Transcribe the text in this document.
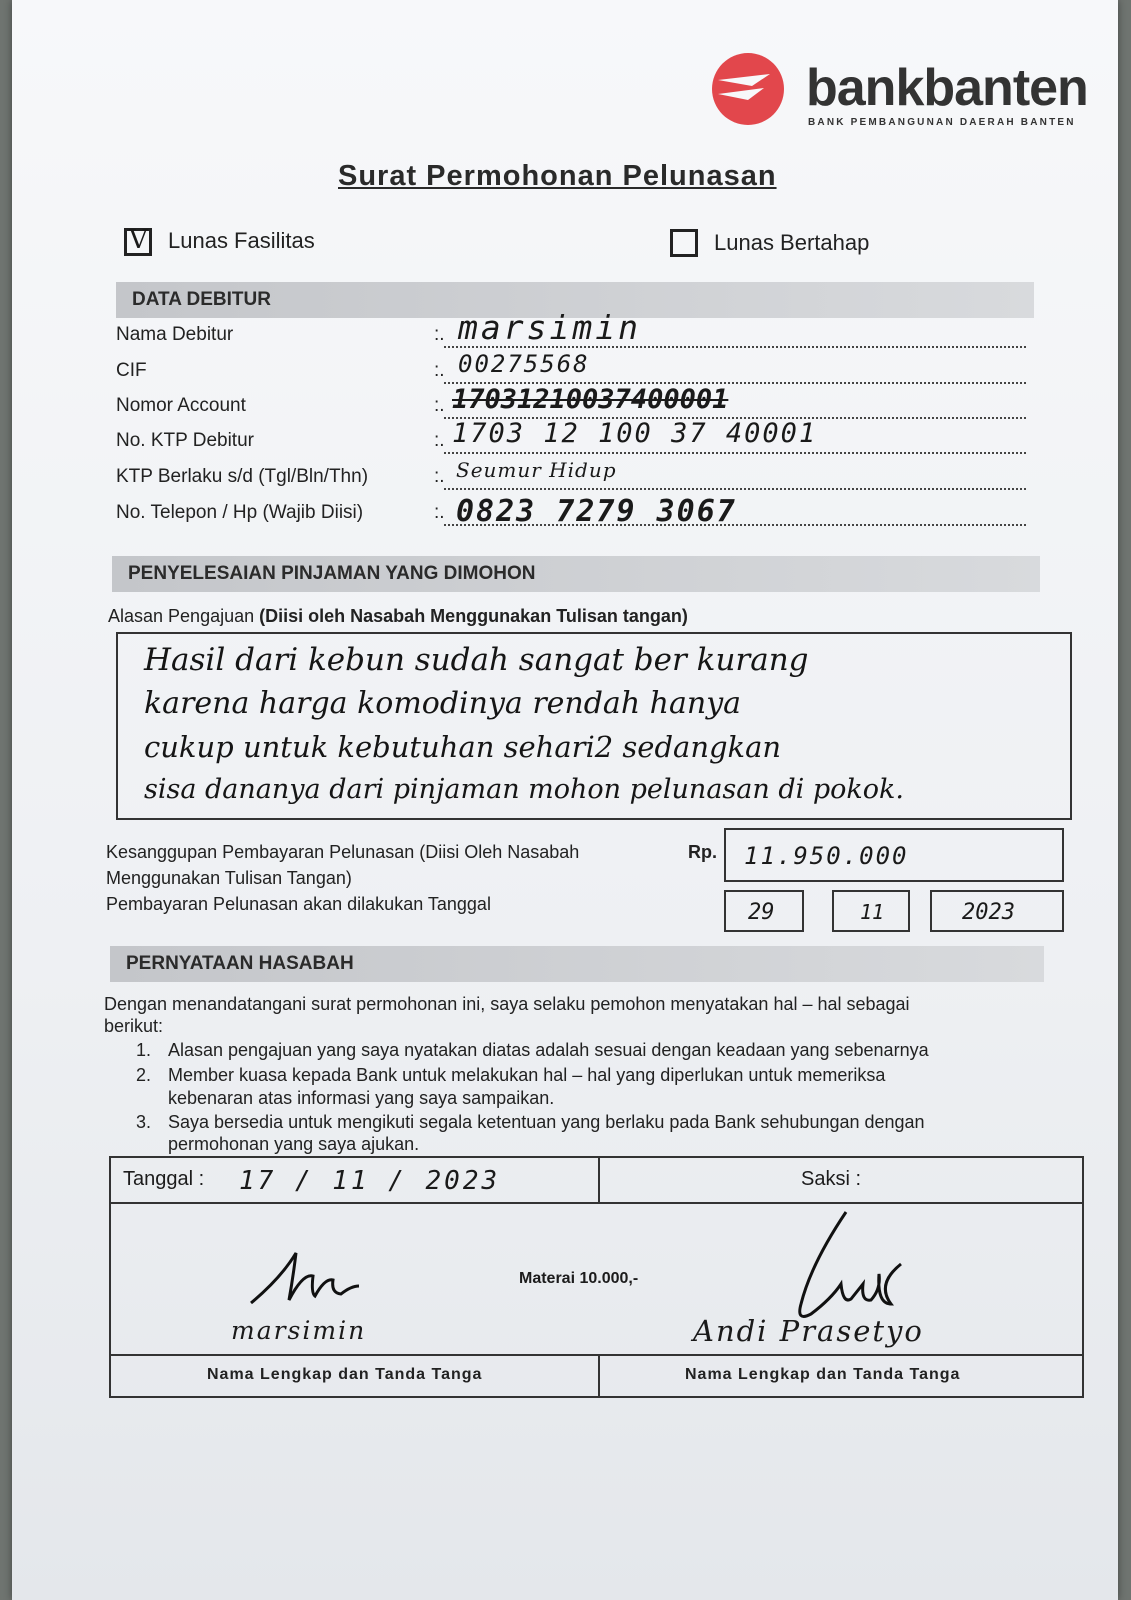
bankbanten
BANK PEMBANGUNAN DAERAH BANTEN
Surat Permohonan Pelunasan
V Lunas Fasilitas	Lunas Bertahap
DATA DEBITUR
Nama Debitur	:. marsimin
CIF	:. 00275568
Nomor Account	:. 17031210037400001
No. KTP Debitur	:. 1703 12 100 37 40001
KTP Berlaku s/d (Tgl/Bln/Thn)	:. Seumur Hidup
No. Telepon / Hp (Wajib Diisi)	:. 0823 7279 3067
PENYELESAIAN PINJAMAN YANG DIMOHON
Alasan Pengajuan (Diisi oleh Nasabah Menggunakan Tulisan tangan)
Hasil dari kebun sudah sangat ber kurang
karena harga komodinya rendah hanya
cukup untuk kebutuhan sehari2 sedangkan
sisa dananya dari pinjaman mohon pelunasan di pokok.
Kesanggupan Pembayaran Pelunasan (Diisi Oleh Nasabah
Menggunakan Tulisan Tangan)
Rp. 11.950.000
Pembayaran Pelunasan akan dilakukan Tanggal	29	11	2023
PERNYATAAN HASABAH
Dengan menandatangani surat permohonan ini, saya selaku pemohon menyatakan hal – hal sebagai
berikut:
1. Alasan pengajuan yang saya nyatakan diatas adalah sesuai dengan keadaan yang sebenarnya
2. Member kuasa kepada Bank untuk melakukan hal – hal yang diperlukan untuk memeriksa
kebenaran atas informasi yang saya sampaikan.
3. Saya bersedia untuk mengikuti segala ketentuan yang berlaku pada Bank sehubungan dengan
permohonan yang saya ajukan.
Tanggal : 17 / 11 / 2023	Saksi :
Materai 10.000,-
marsimin	Andi Prasetyo
Nama Lengkap dan Tanda Tanga	Nama Lengkap dan Tanda Tanga
